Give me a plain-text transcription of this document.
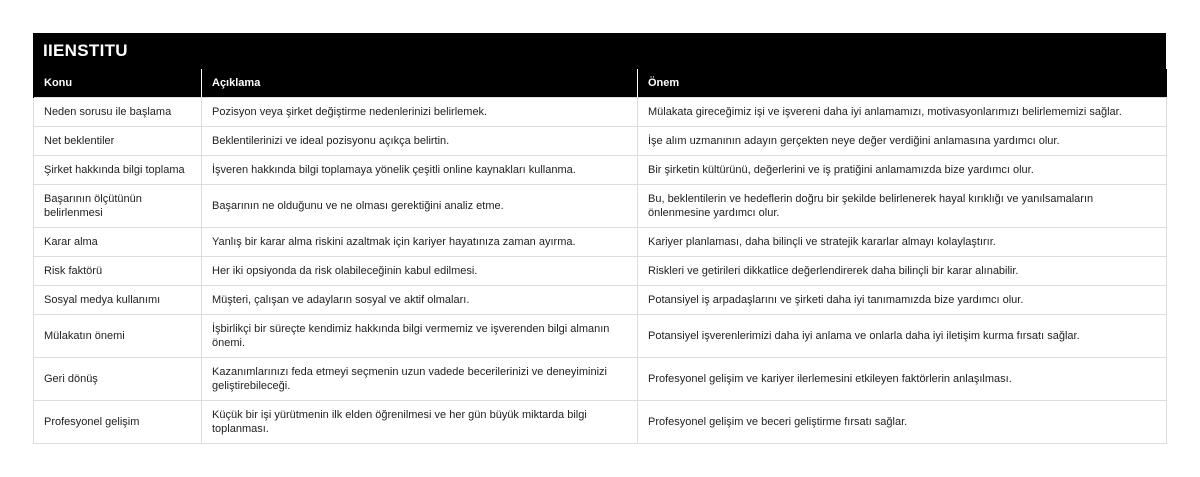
IIENSTITU
Konu	Açıklama	Önem
Neden sorusu ile başlama	Pozisyon veya şirket değiştirme nedenlerinizi belirlemek.	Mülakata gireceğimiz işi ve işvereni daha iyi anlamamızı, motivasyonlarımızı belirlememizi sağlar.
Net beklentiler	Beklentilerinizi ve ideal pozisyonu açıkça belirtin.	İşe alım uzmanının adayın gerçekten neye değer verdiğini anlamasına yardımcı olur.
Şirket hakkında bilgi toplama	İşveren hakkında bilgi toplamaya yönelik çeşitli online kaynakları kullanma.	Bir şirketin kültürünü, değerlerini ve iş pratiğini anlamamızda bize yardımcı olur.
Başarının ölçütünün belirlenmesi	Başarının ne olduğunu ve ne olması gerektiğini analiz etme.	Bu, beklentilerin ve hedeflerin doğru bir şekilde belirlenerek hayal kırıklığı ve yanılsamaların önlenmesine yardımcı olur.
Karar alma	Yanlış bir karar alma riskini azaltmak için kariyer hayatınıza zaman ayırma.	Kariyer planlaması, daha bilinçli ve stratejik kararlar almayı kolaylaştırır.
Risk faktörü	Her iki opsiyonda da risk olabileceğinin kabul edilmesi.	Riskleri ve getirileri dikkatlice değerlendirerek daha bilinçli bir karar alınabilir.
Sosyal medya kullanımı	Müşteri, çalışan ve adayların sosyal ve aktif olmaları.	Potansiyel iş arpadaşlarını ve şirketi daha iyi tanımamızda bize yardımcı olur.
Mülakatın önemi	İşbirlikçi bir süreçte kendimiz hakkında bilgi vermemiz ve işverenden bilgi almanın önemi.	Potansiyel işverenlerimizi daha iyi anlama ve onlarla daha iyi iletişim kurma fırsatı sağlar.
Geri dönüş	Kazanımlarınızı feda etmeyi seçmenin uzun vadede becerilerinizi ve deneyiminizi geliştirebileceği.	Profesyonel gelişim ve kariyer ilerlemesini etkileyen faktörlerin anlaşılması.
Profesyonel gelişim	Küçük bir işi yürütmenin ilk elden öğrenilmesi ve her gün büyük miktarda bilgi toplanması.	Profesyonel gelişim ve beceri geliştirme fırsatı sağlar.
